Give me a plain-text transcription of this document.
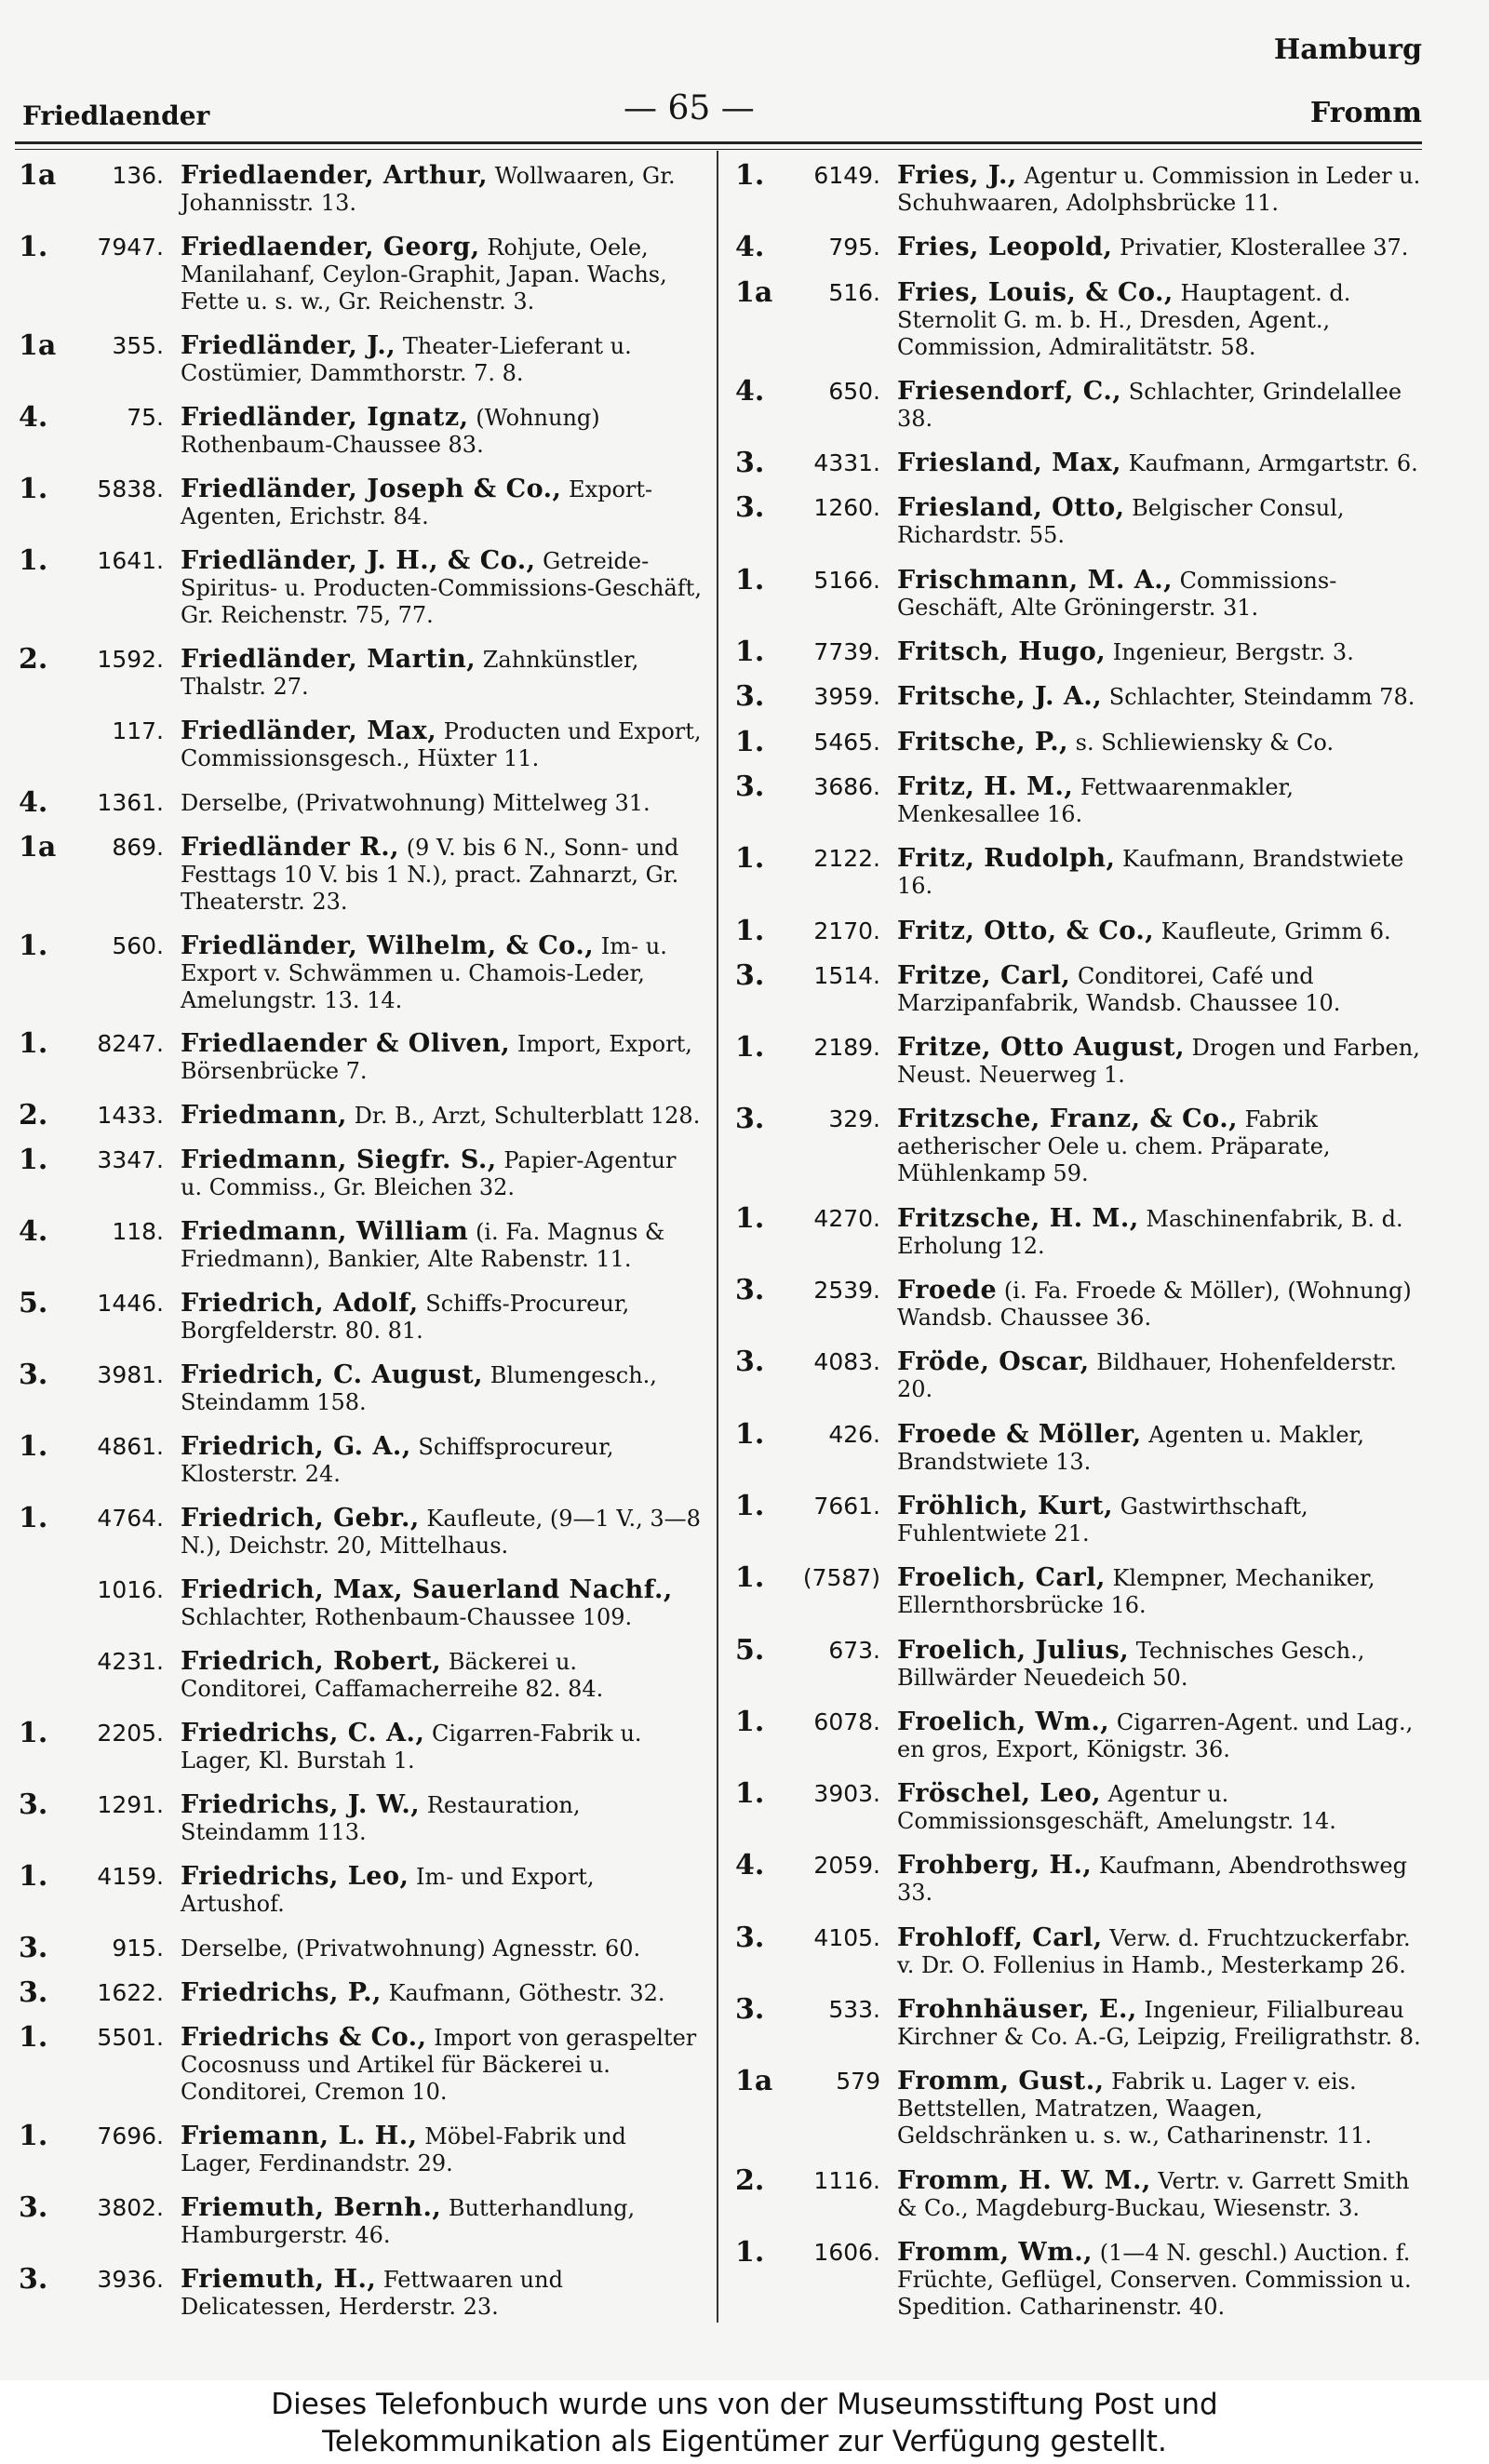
Hamburg
Friedlaender	— 65 —	Fromm
1a	136. Friedlaender, Arthur, Wollwaaren, Gr. Johannisstr. 13.
1.	7947. Friedlaender, Georg, Rohjute, Oele, Manilahanf, Ceylon-Graphit, Japan. Wachs, Fette u. s. w., Gr. Reichenstr. 3.
1a	355. Friedländer, J., Theater-Lieferant u. Costümier, Dammthorstr. 7. 8.
4.	75. Friedländer, Ignatz, (Wohnung) Rothenbaum-Chaussee 83.
1.	5838. Friedländer, Joseph & Co., Export-Agenten, Erichstr. 84.
1.	1641. Friedländer, J. H., & Co., Getreide-Spiritus- u. Producten-Commissions-Geschäft, Gr. Reichenstr. 75, 77.
2.	1592. Friedländer, Martin, Zahnkünstler, Thalstr. 27.
117. Friedländer, Max, Producten und Export, Commissionsgesch., Hüxter 11.
4.	1361. Derselbe, (Privatwohnung) Mittelweg 31.
1a	869. Friedländer R., (9 V. bis 6 N., Sonn- und Festtags 10 V. bis 1 N.), pract. Zahnarzt, Gr. Theaterstr. 23.
1.	560. Friedländer, Wilhelm, & Co., Im- u. Export v. Schwämmen u. Chamois-Leder, Amelungstr. 13. 14.
1.	8247. Friedlaender & Oliven, Import, Export, Börsenbrücke 7.
2.	1433. Friedmann, Dr. B., Arzt, Schulterblatt 128.
1.	3347. Friedmann, Siegfr. S., Papier-Agentur u. Commiss., Gr. Bleichen 32.
4.	118. Friedmann, William (i. Fa. Magnus & Friedmann), Bankier, Alte Rabenstr. 11.
5.	1446. Friedrich, Adolf, Schiffs-Procureur, Borgfelderstr. 80. 81.
3.	3981. Friedrich, C. August, Blumengesch., Steindamm 158.
1.	4861. Friedrich, G. A., Schiffsprocureur, Klosterstr. 24.
1.	4764. Friedrich, Gebr., Kaufleute, (9—1 V., 3—8 N.), Deichstr. 20, Mittelhaus.
1016. Friedrich, Max, Sauerland Nachf., Schlachter, Rothenbaum-Chaussee 109.
4231. Friedrich, Robert, Bäckerei u. Conditorei, Caffamacherreihe 82. 84.
1.	2205. Friedrichs, C. A., Cigarren-Fabrik u. Lager, Kl. Burstah 1.
3.	1291. Friedrichs, J. W., Restauration, Steindamm 113.
1.	4159. Friedrichs, Leo, Im- und Export, Artushof.
3.	915. Derselbe, (Privatwohnung) Agnesstr. 60.
3.	1622. Friedrichs, P., Kaufmann, Göthestr. 32.
1.	5501. Friedrichs & Co., Import von geraspelter Cocosnuss und Artikel für Bäckerei u. Conditorei, Cremon 10.
1.	7696. Friemann, L. H., Möbel-Fabrik und Lager, Ferdinandstr. 29.
3.	3802. Friemuth, Bernh., Butterhandlung, Hamburgerstr. 46.
3.	3936. Friemuth, H., Fettwaaren und Delicatessen, Herderstr. 23.
1.	6149. Fries, J., Agentur u. Commission in Leder u. Schuhwaaren, Adolphsbrücke 11.
4.	795. Fries, Leopold, Privatier, Klosterallee 37.
1a	516. Fries, Louis, & Co., Hauptagent. d. Sternolit G. m. b. H., Dresden, Agent., Commission, Admiralitätstr. 58.
4.	650. Friesendorf, C., Schlachter, Grindelallee 38.
3.	4331. Friesland, Max, Kaufmann, Armgartstr. 6.
3.	1260. Friesland, Otto, Belgischer Consul, Richardstr. 55.
1.	5166. Frischmann, M. A., Commissions-Geschäft, Alte Gröningerstr. 31.
1.	7739. Fritsch, Hugo, Ingenieur, Bergstr. 3.
3.	3959. Fritsche, J. A., Schlachter, Steindamm 78.
1.	5465. Fritsche, P., s. Schliewiensky & Co.
3.	3686. Fritz, H. M., Fettwaarenmakler, Menkesallee 16.
1.	2122. Fritz, Rudolph, Kaufmann, Brandstwiete 16.
1.	2170. Fritz, Otto, & Co., Kaufleute, Grimm 6.
3.	1514. Fritze, Carl, Conditorei, Café und Marzipanfabrik, Wandsb. Chaussee 10.
1.	2189. Fritze, Otto August, Drogen und Farben, Neust. Neuerweg 1.
3.	329. Fritzsche, Franz, & Co., Fabrik aetherischer Oele u. chem. Präparate, Mühlenkamp 59.
1.	4270. Fritzsche, H. M., Maschinenfabrik, B. d. Erholung 12.
3.	2539. Froede (i. Fa. Froede & Möller), (Wohnung) Wandsb. Chaussee 36.
3.	4083. Fröde, Oscar, Bildhauer, Hohenfelderstr. 20.
1.	426. Froede & Möller, Agenten u. Makler, Brandstwiete 13.
1.	7661. Fröhlich, Kurt, Gastwirthschaft, Fuhlentwiete 21.
1.	(7587) Froelich, Carl, Klempner, Mechaniker, Ellernthorsbrücke 16.
5.	673. Froelich, Julius, Technisches Gesch., Billwärder Neuedeich 50.
1.	6078. Froelich, Wm., Cigarren-Agent. und Lag., en gros, Export, Königstr. 36.
1.	3903. Fröschel, Leo, Agentur u. Commissionsgeschäft, Amelungstr. 14.
4.	2059. Frohberg, H., Kaufmann, Abendrothsweg 33.
3.	4105. Frohloff, Carl, Verw. d. Fruchtzuckerfabr. v. Dr. O. Follenius in Hamb., Mesterkamp 26.
3.	533. Frohnhäuser, E., Ingenieur, Filialbureau Kirchner & Co. A.-G, Leipzig, Freiligrathstr. 8.
1a	579 Fromm, Gust., Fabrik u. Lager v. eis. Bettstellen, Matratzen, Waagen, Geldschränken u. s. w., Catharinenstr. 11.
2.	1116. Fromm, H. W. M., Vertr. v. Garrett Smith & Co., Magdeburg-Buckau, Wiesenstr. 3.
1.	1606. Fromm, Wm., (1—4 N. geschl.) Auction. f. Früchte, Geflügel, Conserven. Commission u. Spedition. Catharinenstr. 40.
Dieses Telefonbuch wurde uns von der Museumsstiftung Post und
Telekommunikation als Eigentümer zur Verfügung gestellt.
